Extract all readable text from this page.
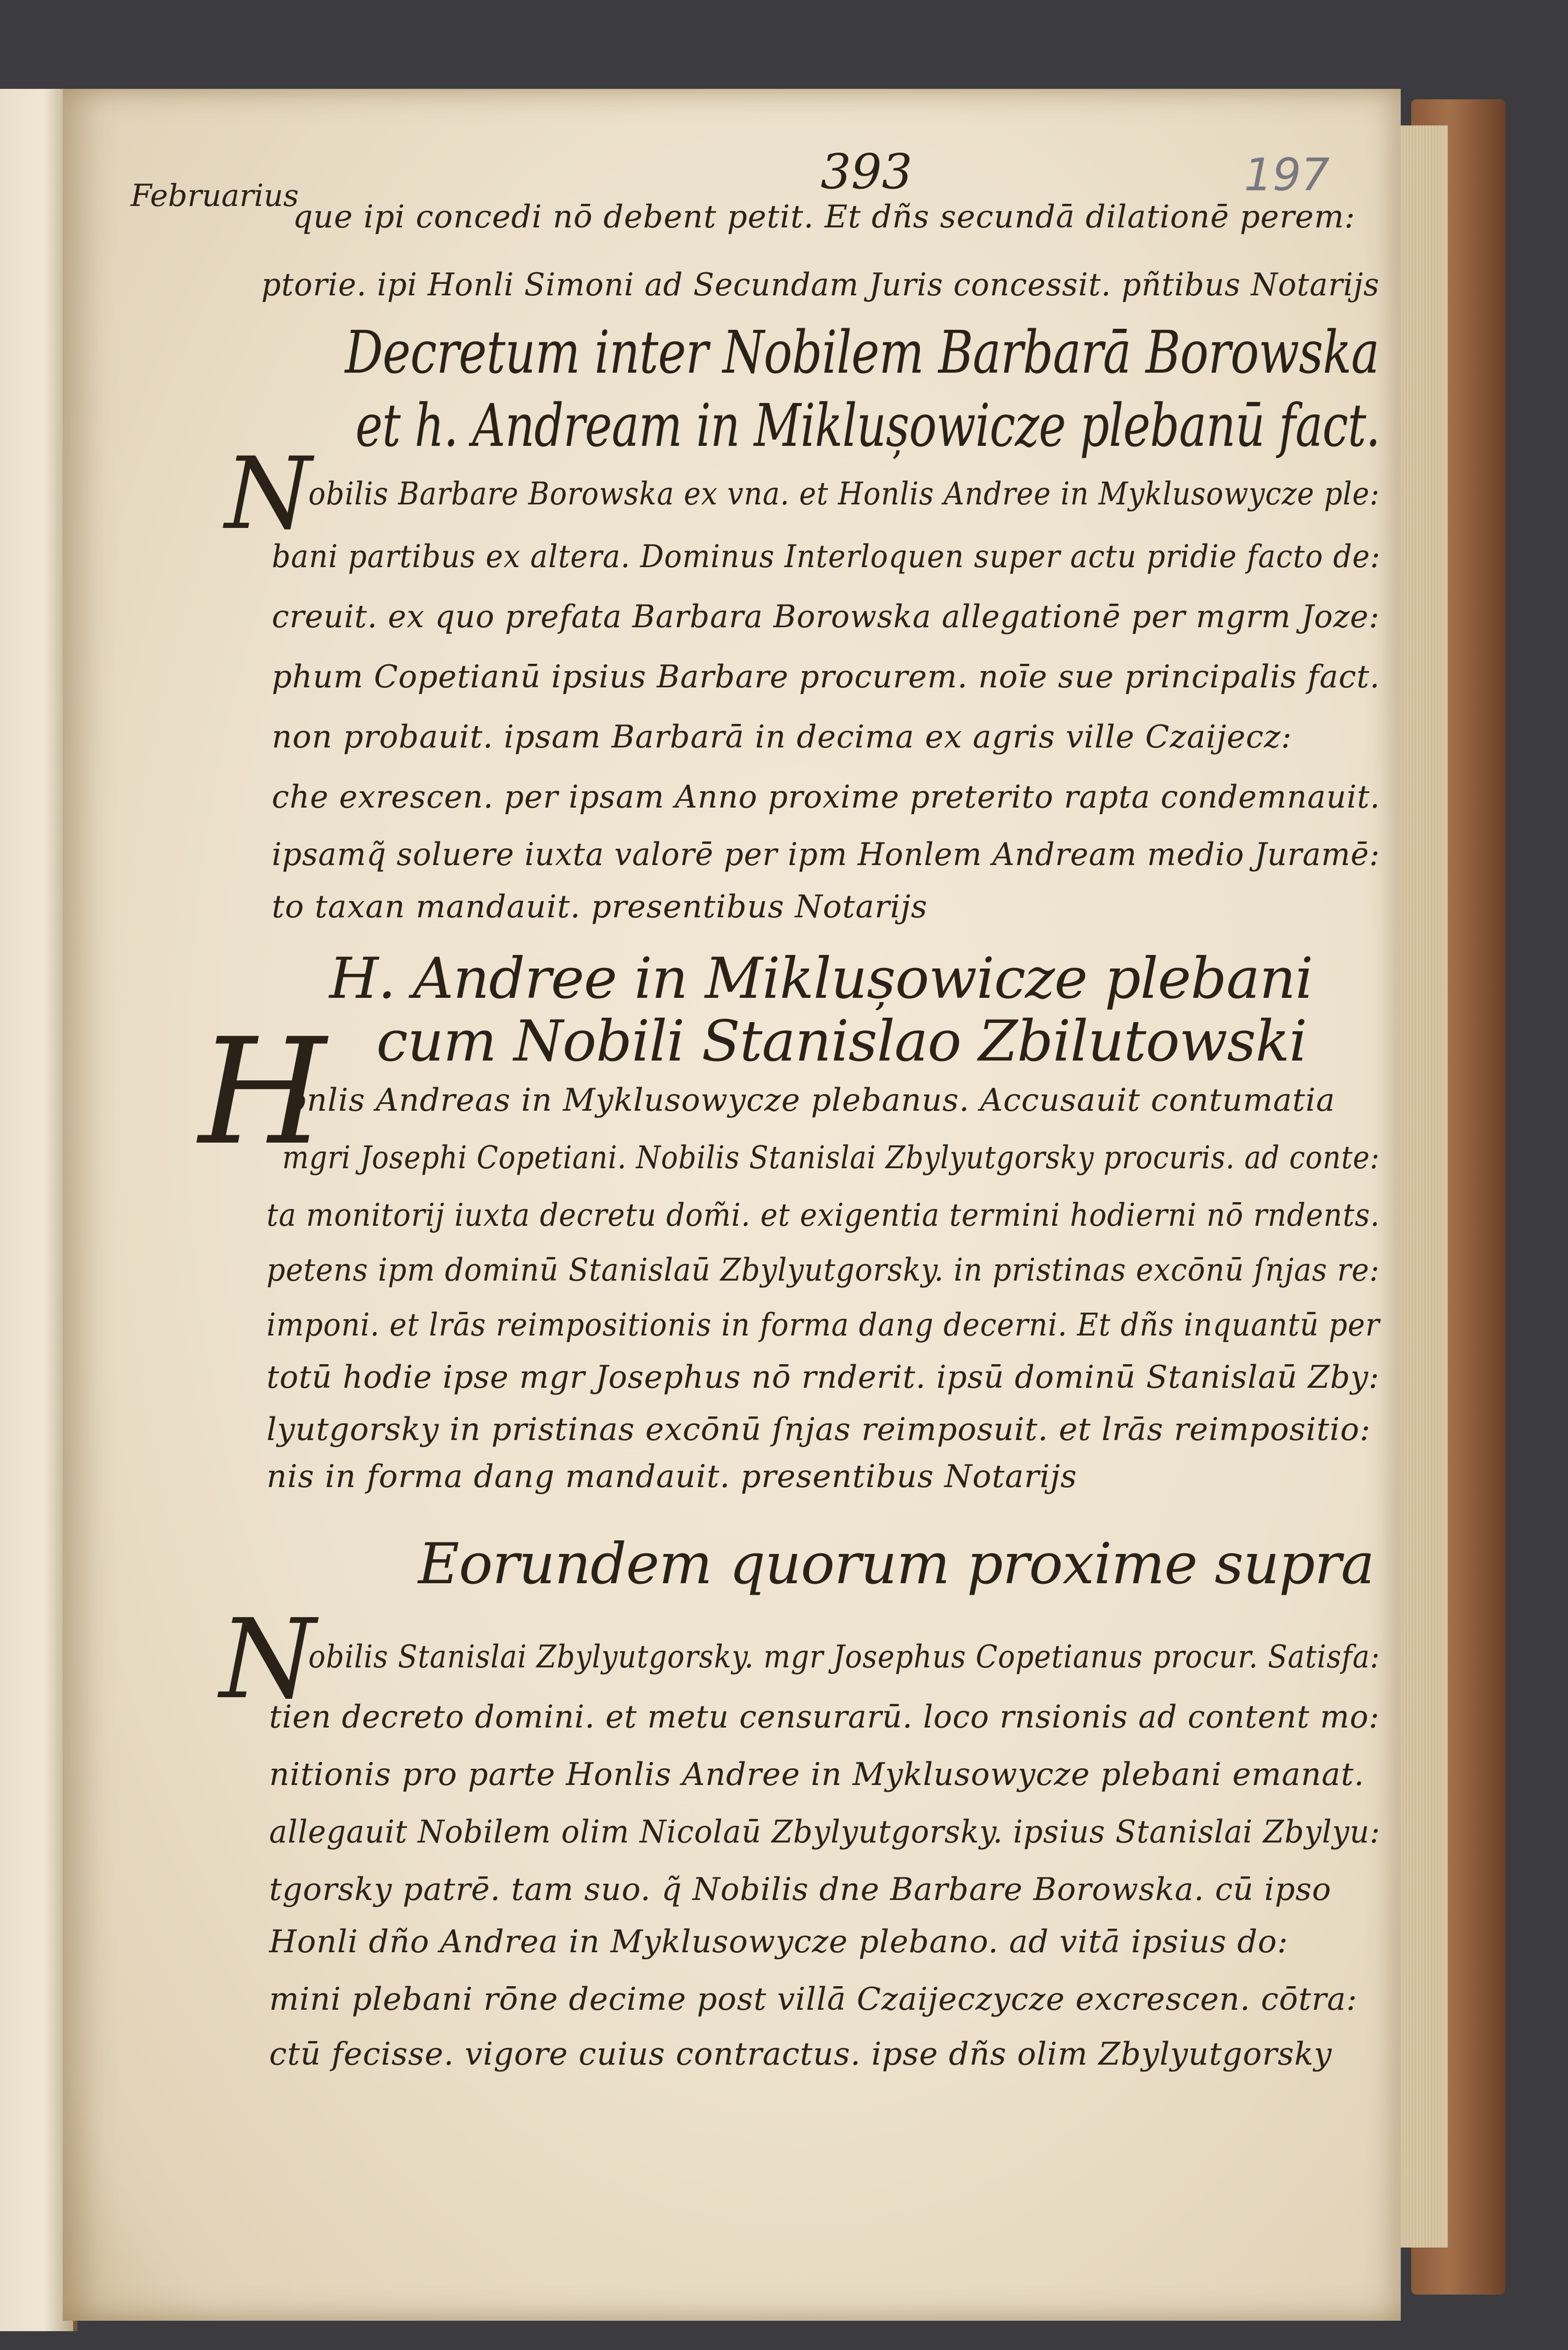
Februarius	393	197
que ipi concedi nō debent petit. Et dñs secundā dilationē perem:
ptorie. ipi Honli Simoni ad Secundam Juris concessit. pñtibus Notarijs
Decretum inter Nobilem Barbarā Borowska
et h. Andream in Miklușowicze plebanū fact.
N
obilis Barbare Borowska ex vna. et Honlis Andree in Myklusowycze ple:
bani partibus ex altera. Dominus Interloquen super actu pridie facto de:
creuit. ex quo prefata Barbara Borowska allegationē per mgrm Joze:
phum Copetianū ipsius Barbare procurem. noīe sue principalis fact.
non probauit. ipsam Barbarā in decima ex agris ville Czaijecz:
che exrescen. per ipsam Anno proxime preterito rapta condemnauit.
ipsamq̃ soluere iuxta valorē per ipm Honlem Andream medio Juramē:
to taxan mandauit. presentibus Notarijs
H. Andree in Miklușowicze plebani
cum Nobili Stanislao Zbilutowski
H
onlis Andreas in Myklusowycze plebanus. Accusauit contumatia
mgri Josephi Copetiani. Nobilis Stanislai Zbylyutgorsky procuris. ad conte:
ta monitorij iuxta decretu dom̃i. et exigentia termini hodierni nō rndents.
petens ipm dominū Stanislaū Zbylyutgorsky. in pristinas excōnū ſnjas re:
imponi. et lrās reimpositionis in forma dang decerni. Et dñs inquantū per
totū hodie ipse mgr Josephus nō rnderit. ipsū dominū Stanislaū Zby:
lyutgorsky in pristinas excōnū ſnjas reimposuit. et lrās reimpositio:
nis in forma dang mandauit. presentibus Notarijs
Eorundem quorum proxime supra
N
obilis Stanislai Zbylyutgorsky. mgr Josephus Copetianus procur. Satisfa:
tien decreto domini. et metu censurarū. loco rnsionis ad content mo:
nitionis pro parte Honlis Andree in Myklusowycze plebani emanat.
allegauit Nobilem olim Nicolaū Zbylyutgorsky. ipsius Stanislai Zbylyu:
tgorsky patrē. tam suo. q̃ Nobilis dne Barbare Borowska. cū ipso
Honli dño Andrea in Myklusowycze plebano. ad vitā ipsius do:
mini plebani rōne decime post villā Czaijeczycze excrescen. cōtra:
ctū fecisse. vigore cuius contractus. ipse dñs olim Zbylyutgorsky
